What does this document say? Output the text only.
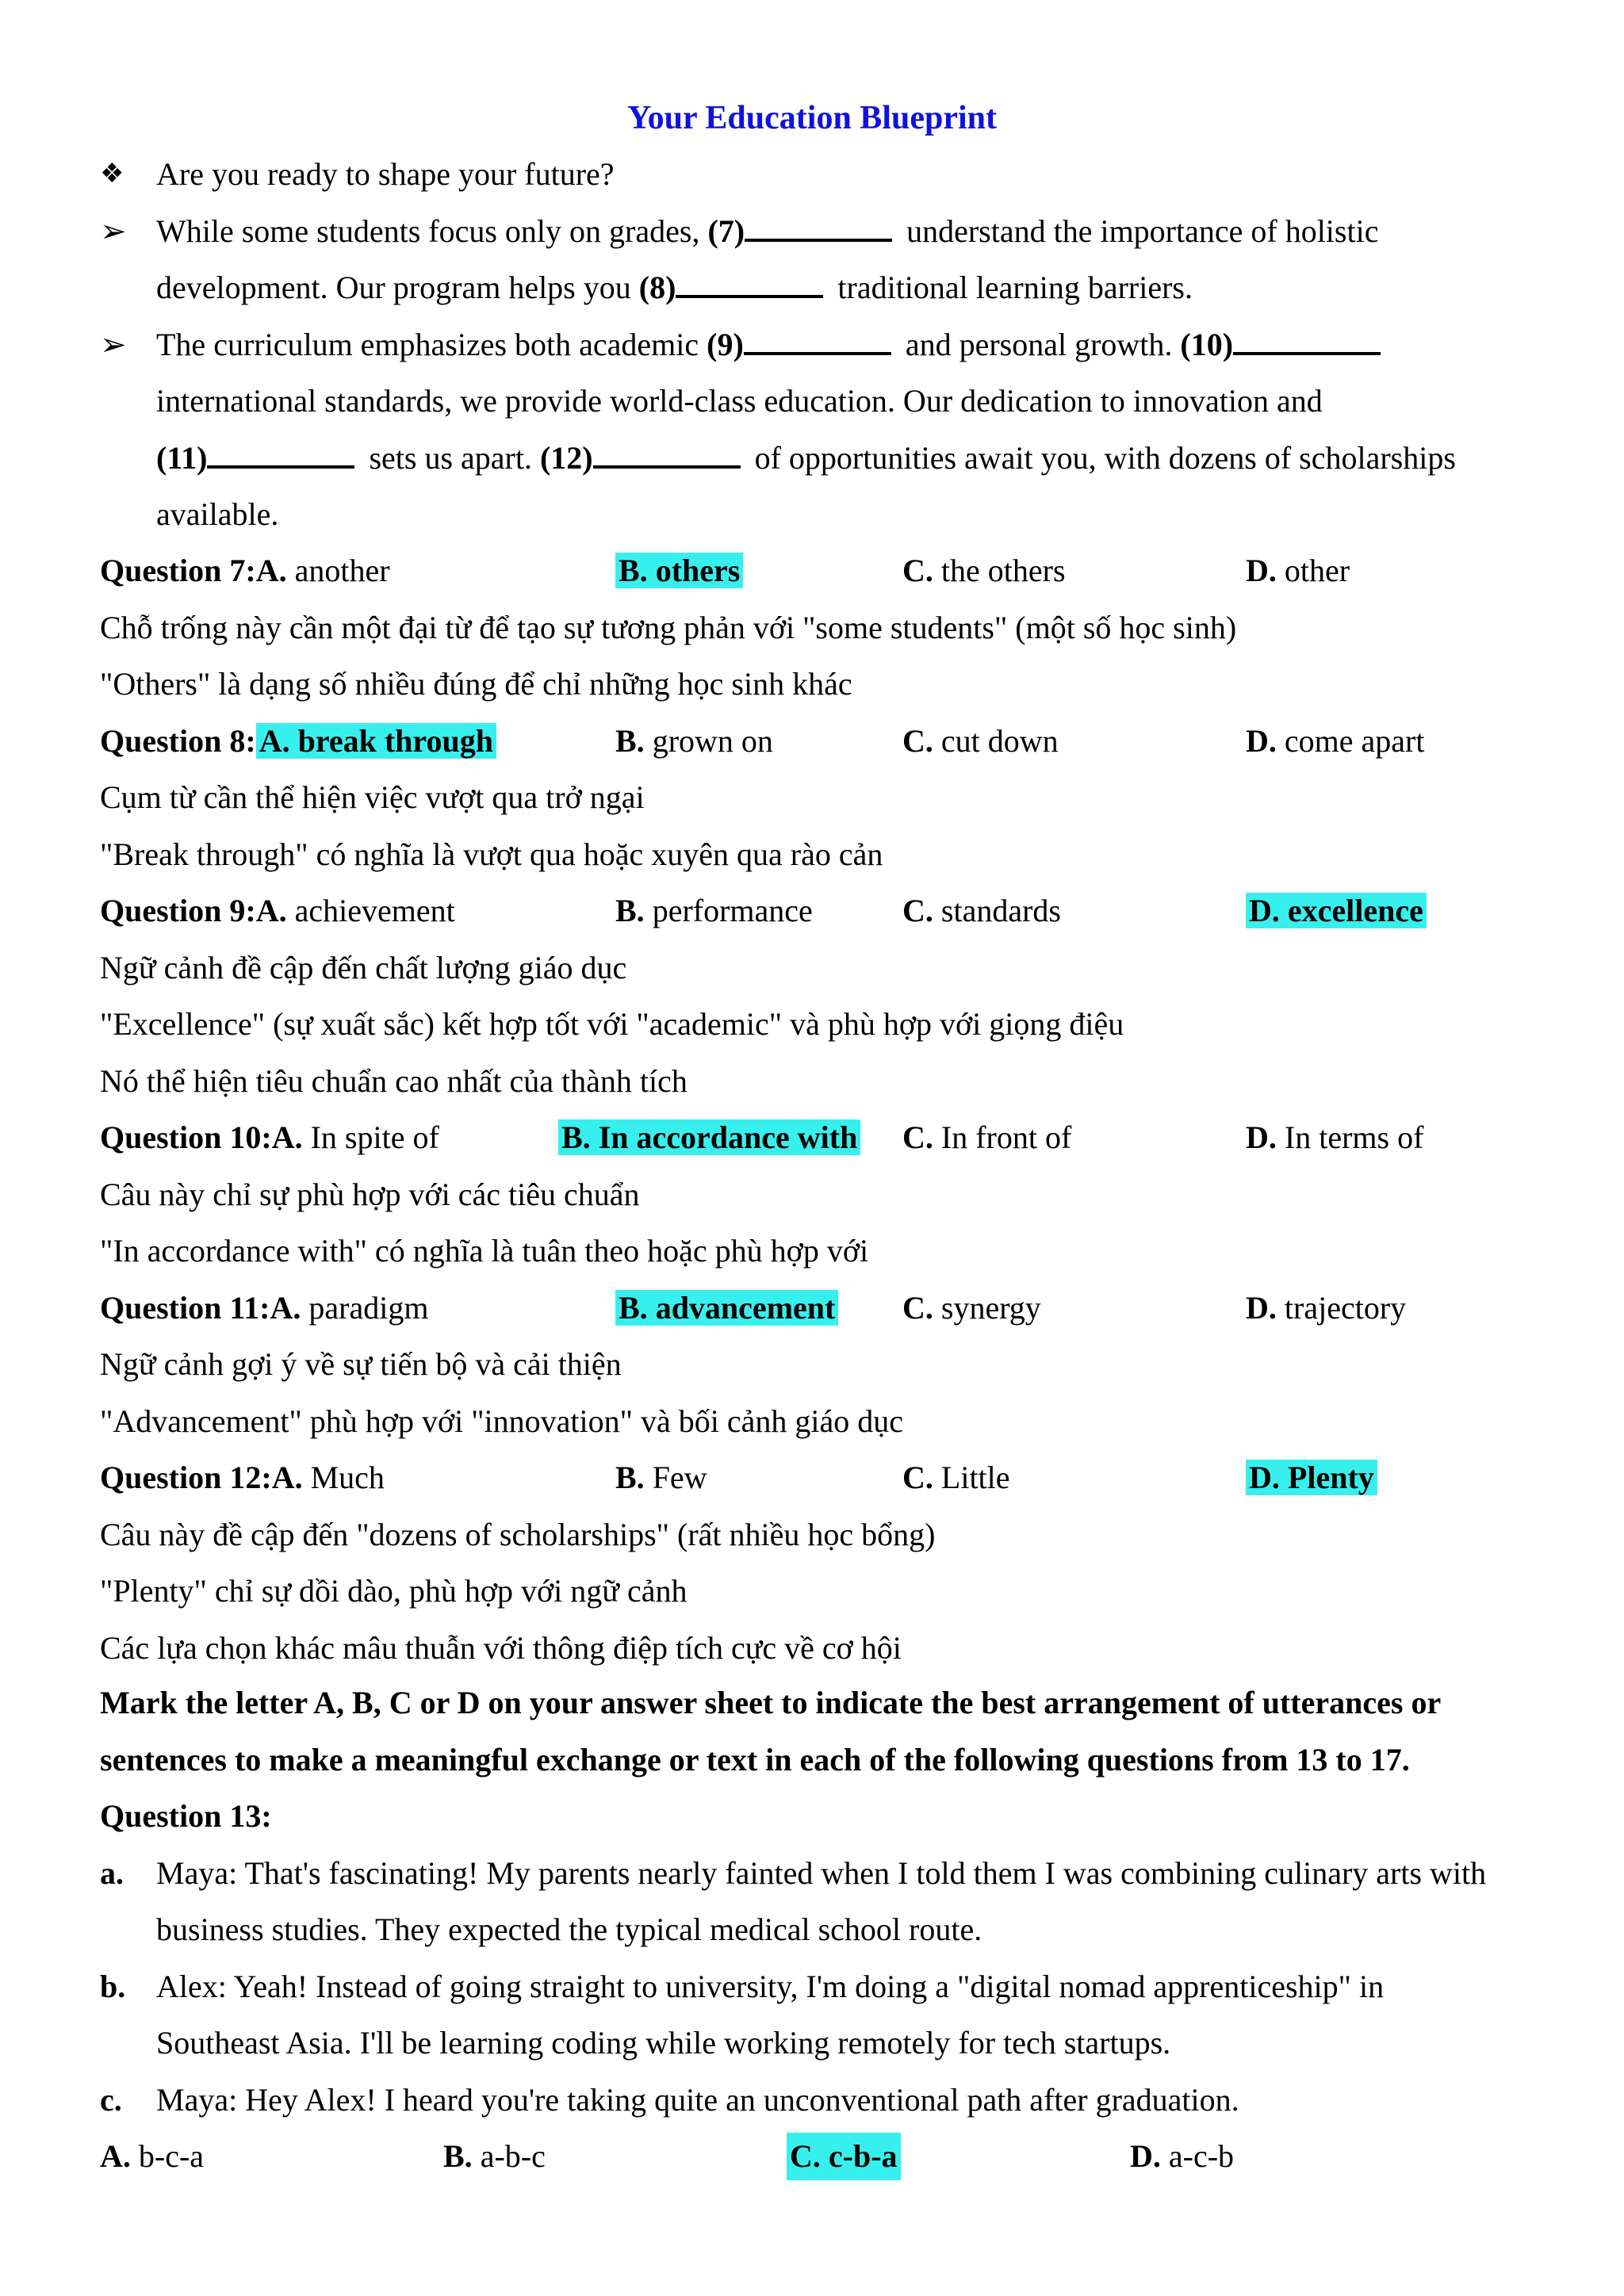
Your Education Blueprint
❖	Are you ready to shape your future?
➢ While some students focus only on grades, (7)	understand the importance of holistic
development. Our program helps you (8)	traditional learning barriers.
➢ The curriculum emphasizes both academic (9)	and personal growth. (10)
international standards, we provide world-class education. Our dedication to innovation and
(11)	sets us apart. (12)	of opportunities await you, with dozens of scholarships
available.
Question 7:A. another	B. others	C. the others	D. other
Chỗ trống này cần một đại từ để tạo sự tương phản với "some students" (một số học sinh)
"Others" là dạng số nhiều đúng để chỉ những học sinh khác
Question 8: A. break through	B. grown on	C. cut down	D. come apart
Cụm từ cần thể hiện việc vượt qua trở ngại
"Break through" có nghĩa là vượt qua hoặc xuyên qua rào cản
Question 9:A. achievement	B. performance	C. standards	D. excellence
Ngữ cảnh đề cập đến chất lượng giáo dục
"Excellence" (sự xuất sắc) kết hợp tốt với "academic" và phù hợp với giọng điệu
Nó thể hiện tiêu chuẩn cao nhất của thành tích
Question 10:A. In spite of	B. In accordance with C. In front of	D. In terms of
Câu này chỉ sự phù hợp với các tiêu chuẩn
"In accordance with" có nghĩa là tuân theo hoặc phù hợp với
Question 11:A. paradigm	B. advancement C. synergy	D. trajectory
Ngữ cảnh gợi ý về sự tiến bộ và cải thiện
"Advancement" phù hợp với "innovation" và bối cảnh giáo dục
Question 12:A. Much	B. Few	C. Little	D. Plenty
Câu này đề cập đến "dozens of scholarships" (rất nhiều học bổng)
"Plenty" chỉ sự dồi dào, phù hợp với ngữ cảnh
Các lựa chọn khác mâu thuẫn với thông điệp tích cực về cơ hội
Mark the letter A, B, C or D on your answer sheet to indicate the best arrangement of utterances or
sentences to make a meaningful exchange or text in each of the following questions from 13 to 17.
Question 13:
a. Maya: That's fascinating! My parents nearly fainted when I told them I was combining culinary arts with
business studies. They expected the typical medical school route.
b. Alex: Yeah! Instead of going straight to university, I'm doing a "digital nomad apprenticeship" in
Southeast Asia. I'll be learning coding while working remotely for tech startups.
c. Maya: Hey Alex! I heard you're taking quite an unconventional path after graduation.
A. b-c-a	B. a-b-c	C. c-b-a	D. a-c-b
